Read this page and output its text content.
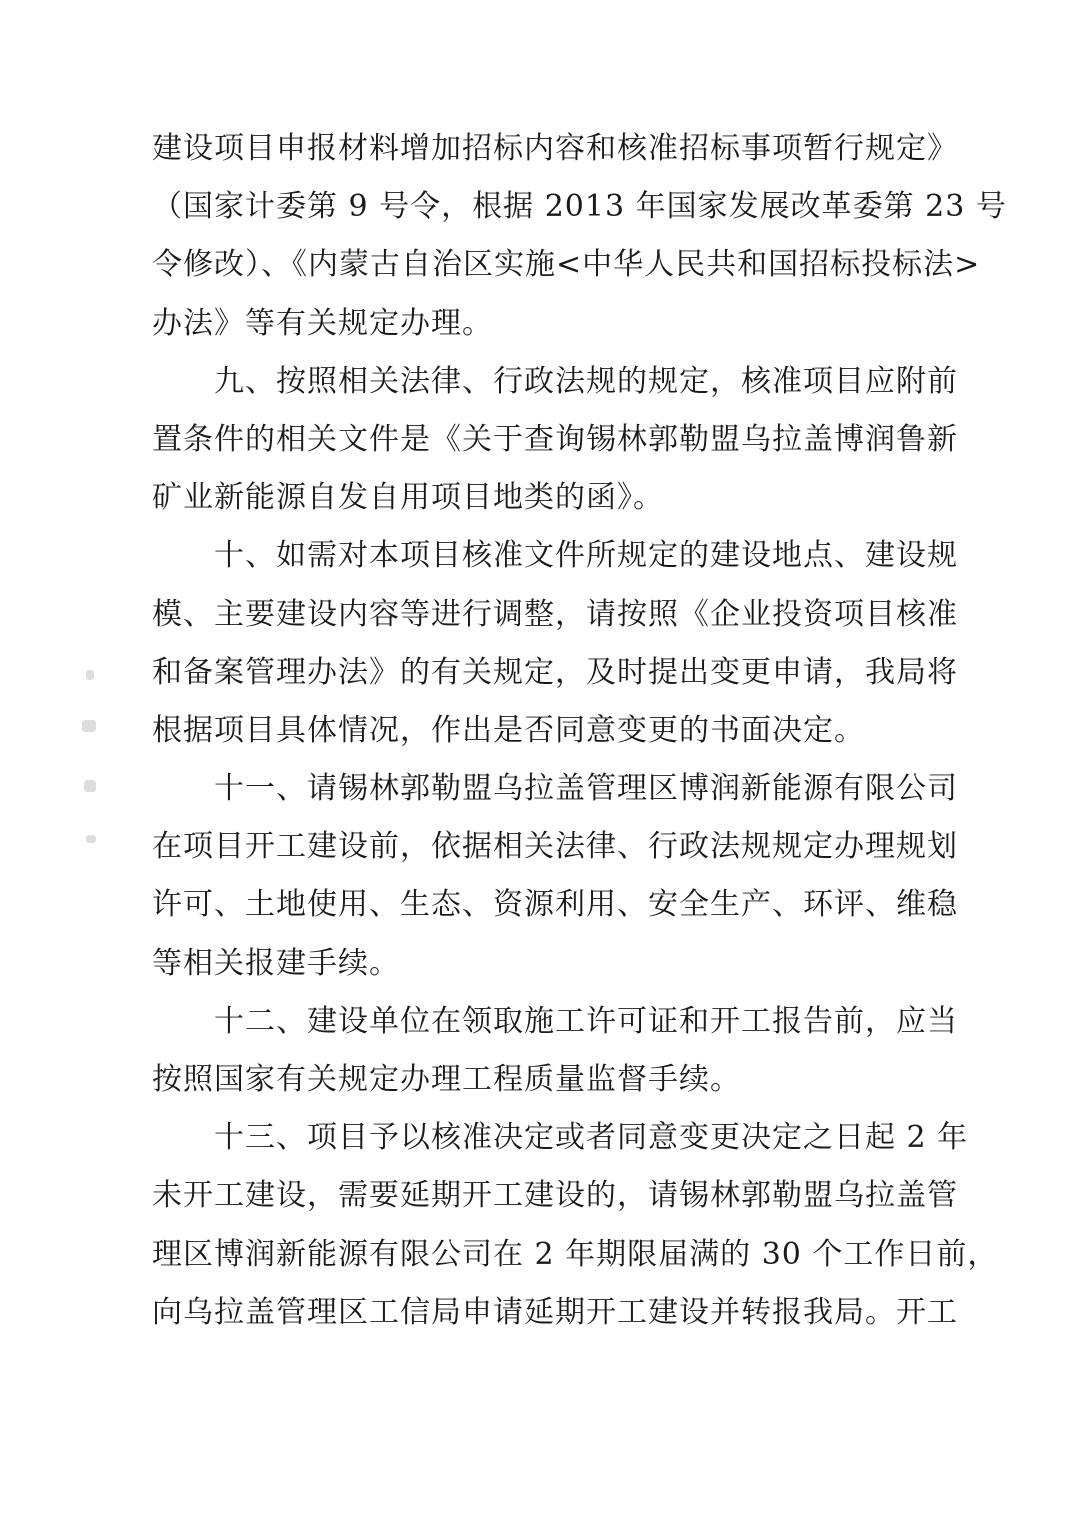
建设项目申报材料增加招标内容和核准招标事项暂行规定》
（国家计委第 9 号令，根据 2013 年国家发展改革委第 23 号
令修改）、《内蒙古自治区实施<中华人民共和国招标投标法>
办法》等有关规定办理。
　　九、按照相关法律、行政法规的规定，核准项目应附前
置条件的相关文件是《关于查询锡林郭勒盟乌拉盖博润鲁新
矿业新能源自发自用项目地类的函》。
　　十、如需对本项目核准文件所规定的建设地点、建设规
模、主要建设内容等进行调整，请按照《企业投资项目核准
和备案管理办法》的有关规定，及时提出变更申请，我局将
根据项目具体情况，作出是否同意变更的书面决定。
　　十一、请锡林郭勒盟乌拉盖管理区博润新能源有限公司
在项目开工建设前，依据相关法律、行政法规规定办理规划
许可、土地使用、生态、资源利用、安全生产、环评、维稳
等相关报建手续。
　　十二、建设单位在领取施工许可证和开工报告前，应当
按照国家有关规定办理工程质量监督手续。
　　十三、项目予以核准决定或者同意变更决定之日起 2 年
未开工建设，需要延期开工建设的，请锡林郭勒盟乌拉盖管
理区博润新能源有限公司在 2 年期限届满的 30 个工作日前，
向乌拉盖管理区工信局申请延期开工建设并转报我局。开工
